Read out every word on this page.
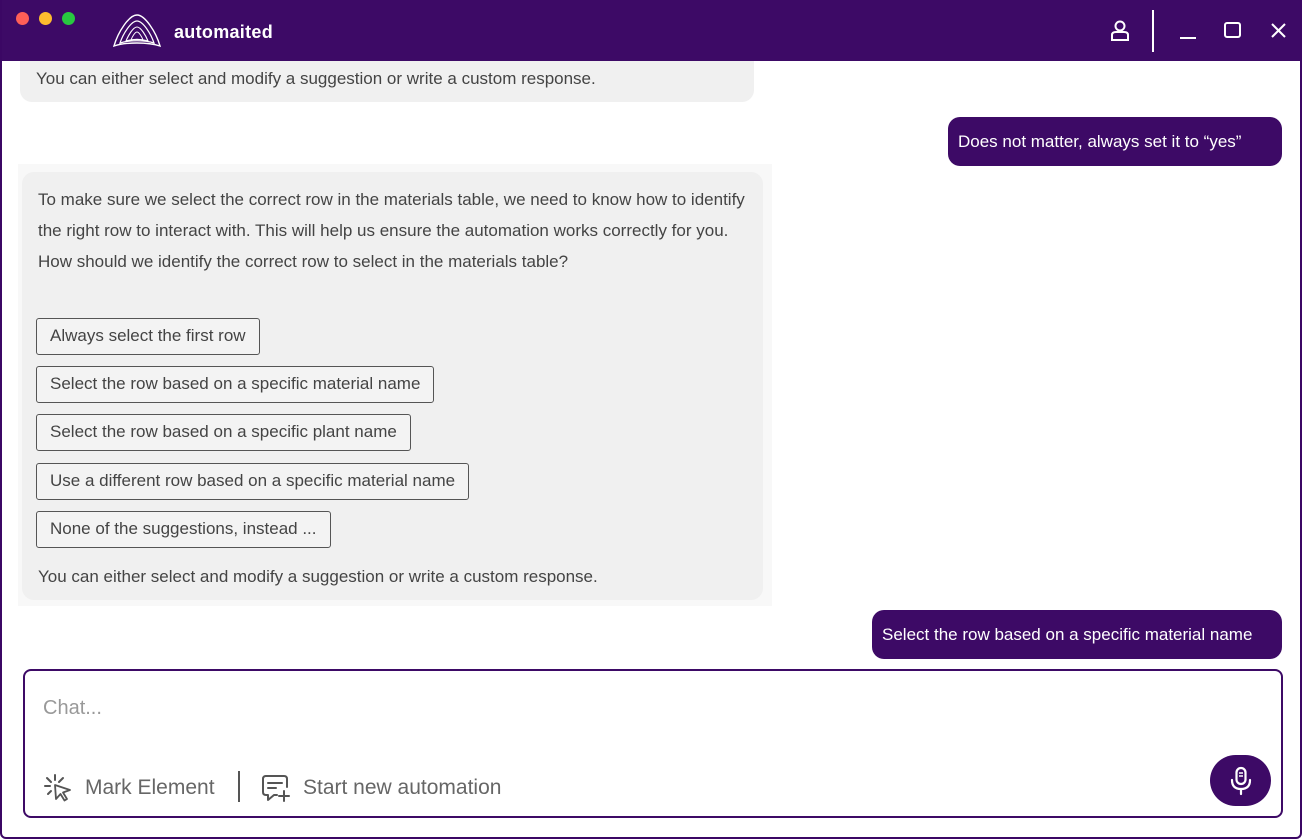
automaited
You can either select and modify a suggestion or write a custom response.
Does not matter, always set it to “yes”

To make sure we select the correct row in the materials table, we need to know how to identify the right row to interact with. This will help us ensure the automation works correctly for you.

How should we identify the correct row to select in the materials table?

Always select the first row
Select the row based on a specific material name
Select the row based on a specific plant name
Use a different row based on a specific material name
None of the suggestions, instead ...

You can either select and modify a suggestion or write a custom response.

Select the row based on a specific material name
Chat...
Mark Element	Start new automation
